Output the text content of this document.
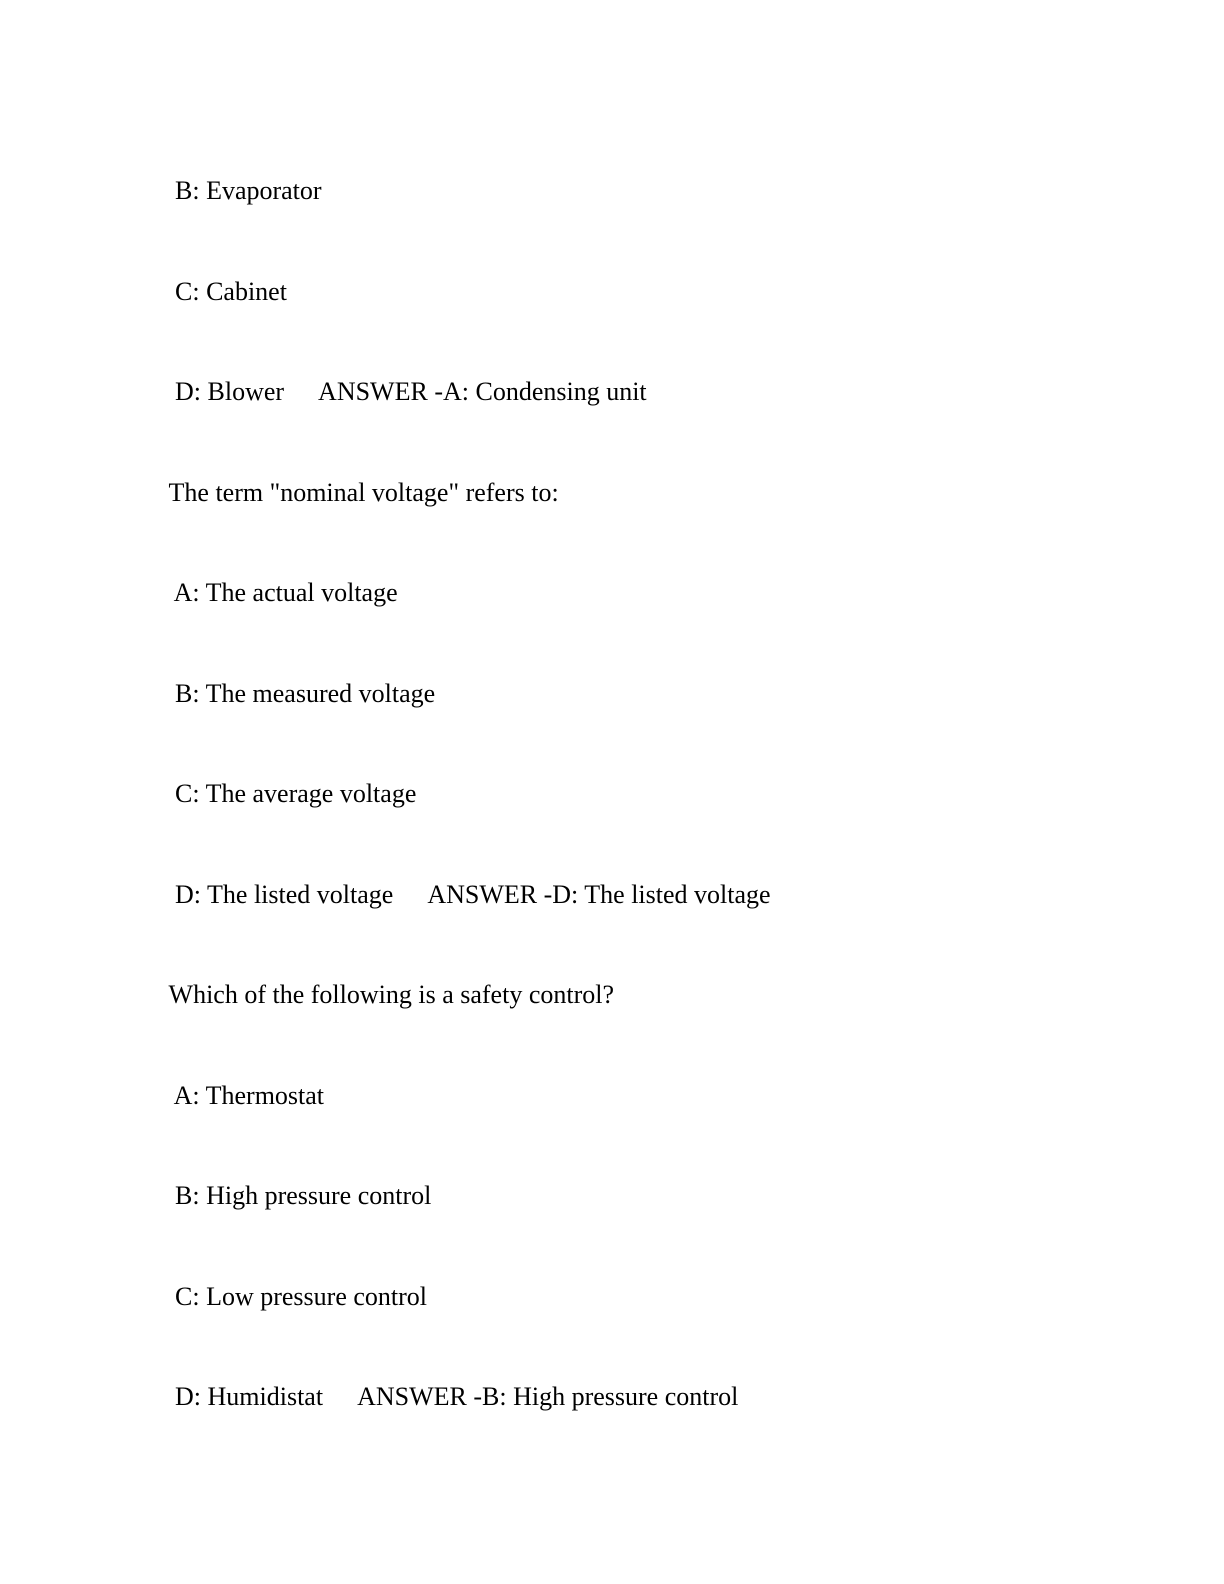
B: Evaporator

C: Cabinet

D: Blower ANSWER -A: Condensing unit

The term "nominal voltage" refers to:

A: The actual voltage

B: The measured voltage

C: The average voltage

D: The listed voltage ANSWER -D: The listed voltage

Which of the following is a safety control?

A: Thermostat

B: High pressure control

C: Low pressure control

D: Humidistat ANSWER -B: High pressure control
